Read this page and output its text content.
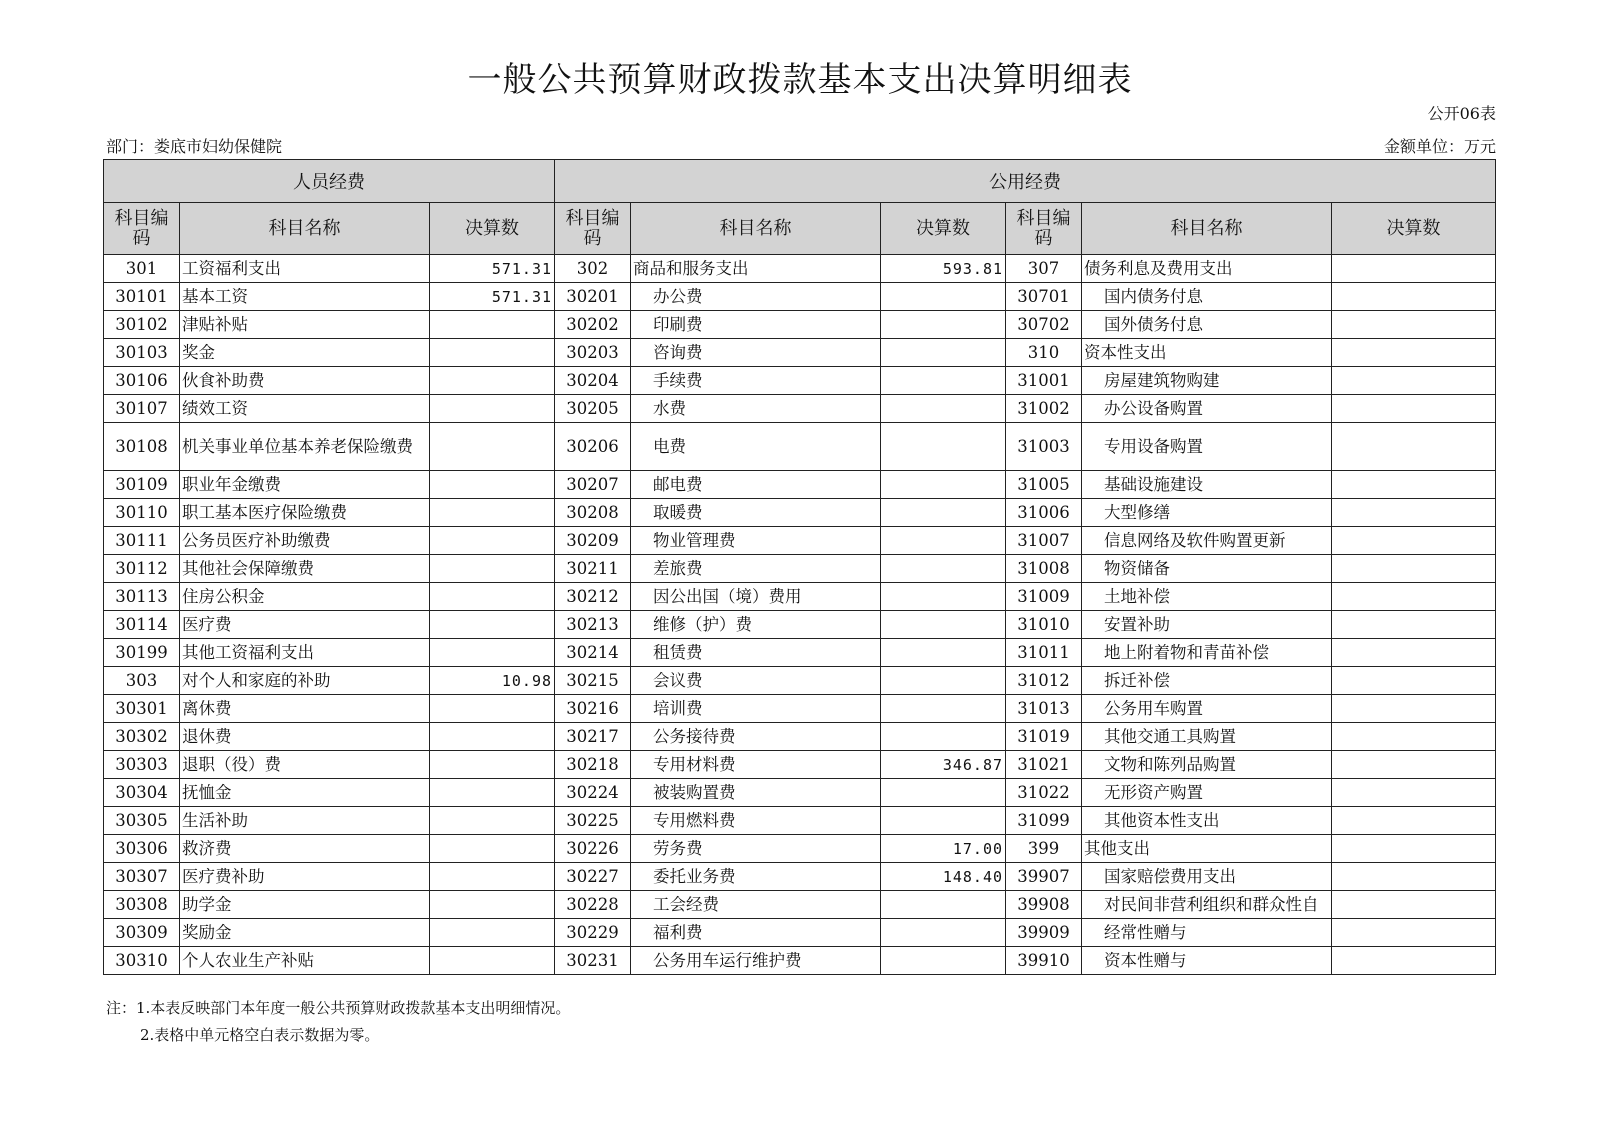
一般公共预算财政拨款基本支出决算明细表
公开06表
部门：娄底市妇幼保健院	金额单位：万元
人员经费			公用经费					
科目编码	科目名称	决算数	科目编码	科目名称	决算数	科目编码	科目名称	决算数
301	工资福利支出	571.31	302	商品和服务支出	593.81	307	债务利息及费用支出	
30101	基本工资	571.31	30201	办公费		30701	国内债务付息	
30102	津贴补贴		30202	印刷费		30702	国外债务付息	
30103	奖金		30203	咨询费		310	资本性支出	
30106	伙食补助费		30204	手续费		31001	房屋建筑物购建	
30107	绩效工资		30205	水费		31002	办公设备购置	
30108	机关事业单位基本养老保险缴费		30206	电费		31003	专用设备购置	
30109	职业年金缴费		30207	邮电费		31005	基础设施建设	
30110	职工基本医疗保险缴费		30208	取暖费		31006	大型修缮	
30111	公务员医疗补助缴费		30209	物业管理费		31007	信息网络及软件购置更新	
30112	其他社会保障缴费		30211	差旅费		31008	物资储备	
30113	住房公积金		30212	因公出国（境）费用		31009	土地补偿	
30114	医疗费		30213	维修（护）费		31010	安置补助	
30199	其他工资福利支出		30214	租赁费		31011	地上附着物和青苗补偿	
303	对个人和家庭的补助	10.98	30215	会议费		31012	拆迁补偿	
30301	离休费		30216	培训费		31013	公务用车购置	
30302	退休费		30217	公务接待费		31019	其他交通工具购置	
30303	退职（役）费		30218	专用材料费	346.87	31021	文物和陈列品购置	
30304	抚恤金		30224	被装购置费		31022	无形资产购置	
30305	生活补助		30225	专用燃料费		31099	其他资本性支出	
30306	救济费		30226	劳务费	17.00	399	其他支出	
30307	医疗费补助		30227	委托业务费	148.40	39907	国家赔偿费用支出	
30308	助学金		30228	工会经费		39908	对民间非营利组织和群众性自	
30309	奖励金		30229	福利费		39909	经常性赠与	
30310	个人农业生产补贴		30231	公务用车运行维护费		39910	资本性赠与	
注：1.本表反映部门本年度一般公共预算财政拨款基本支出明细情况。
2.表格中单元格空白表示数据为零。
